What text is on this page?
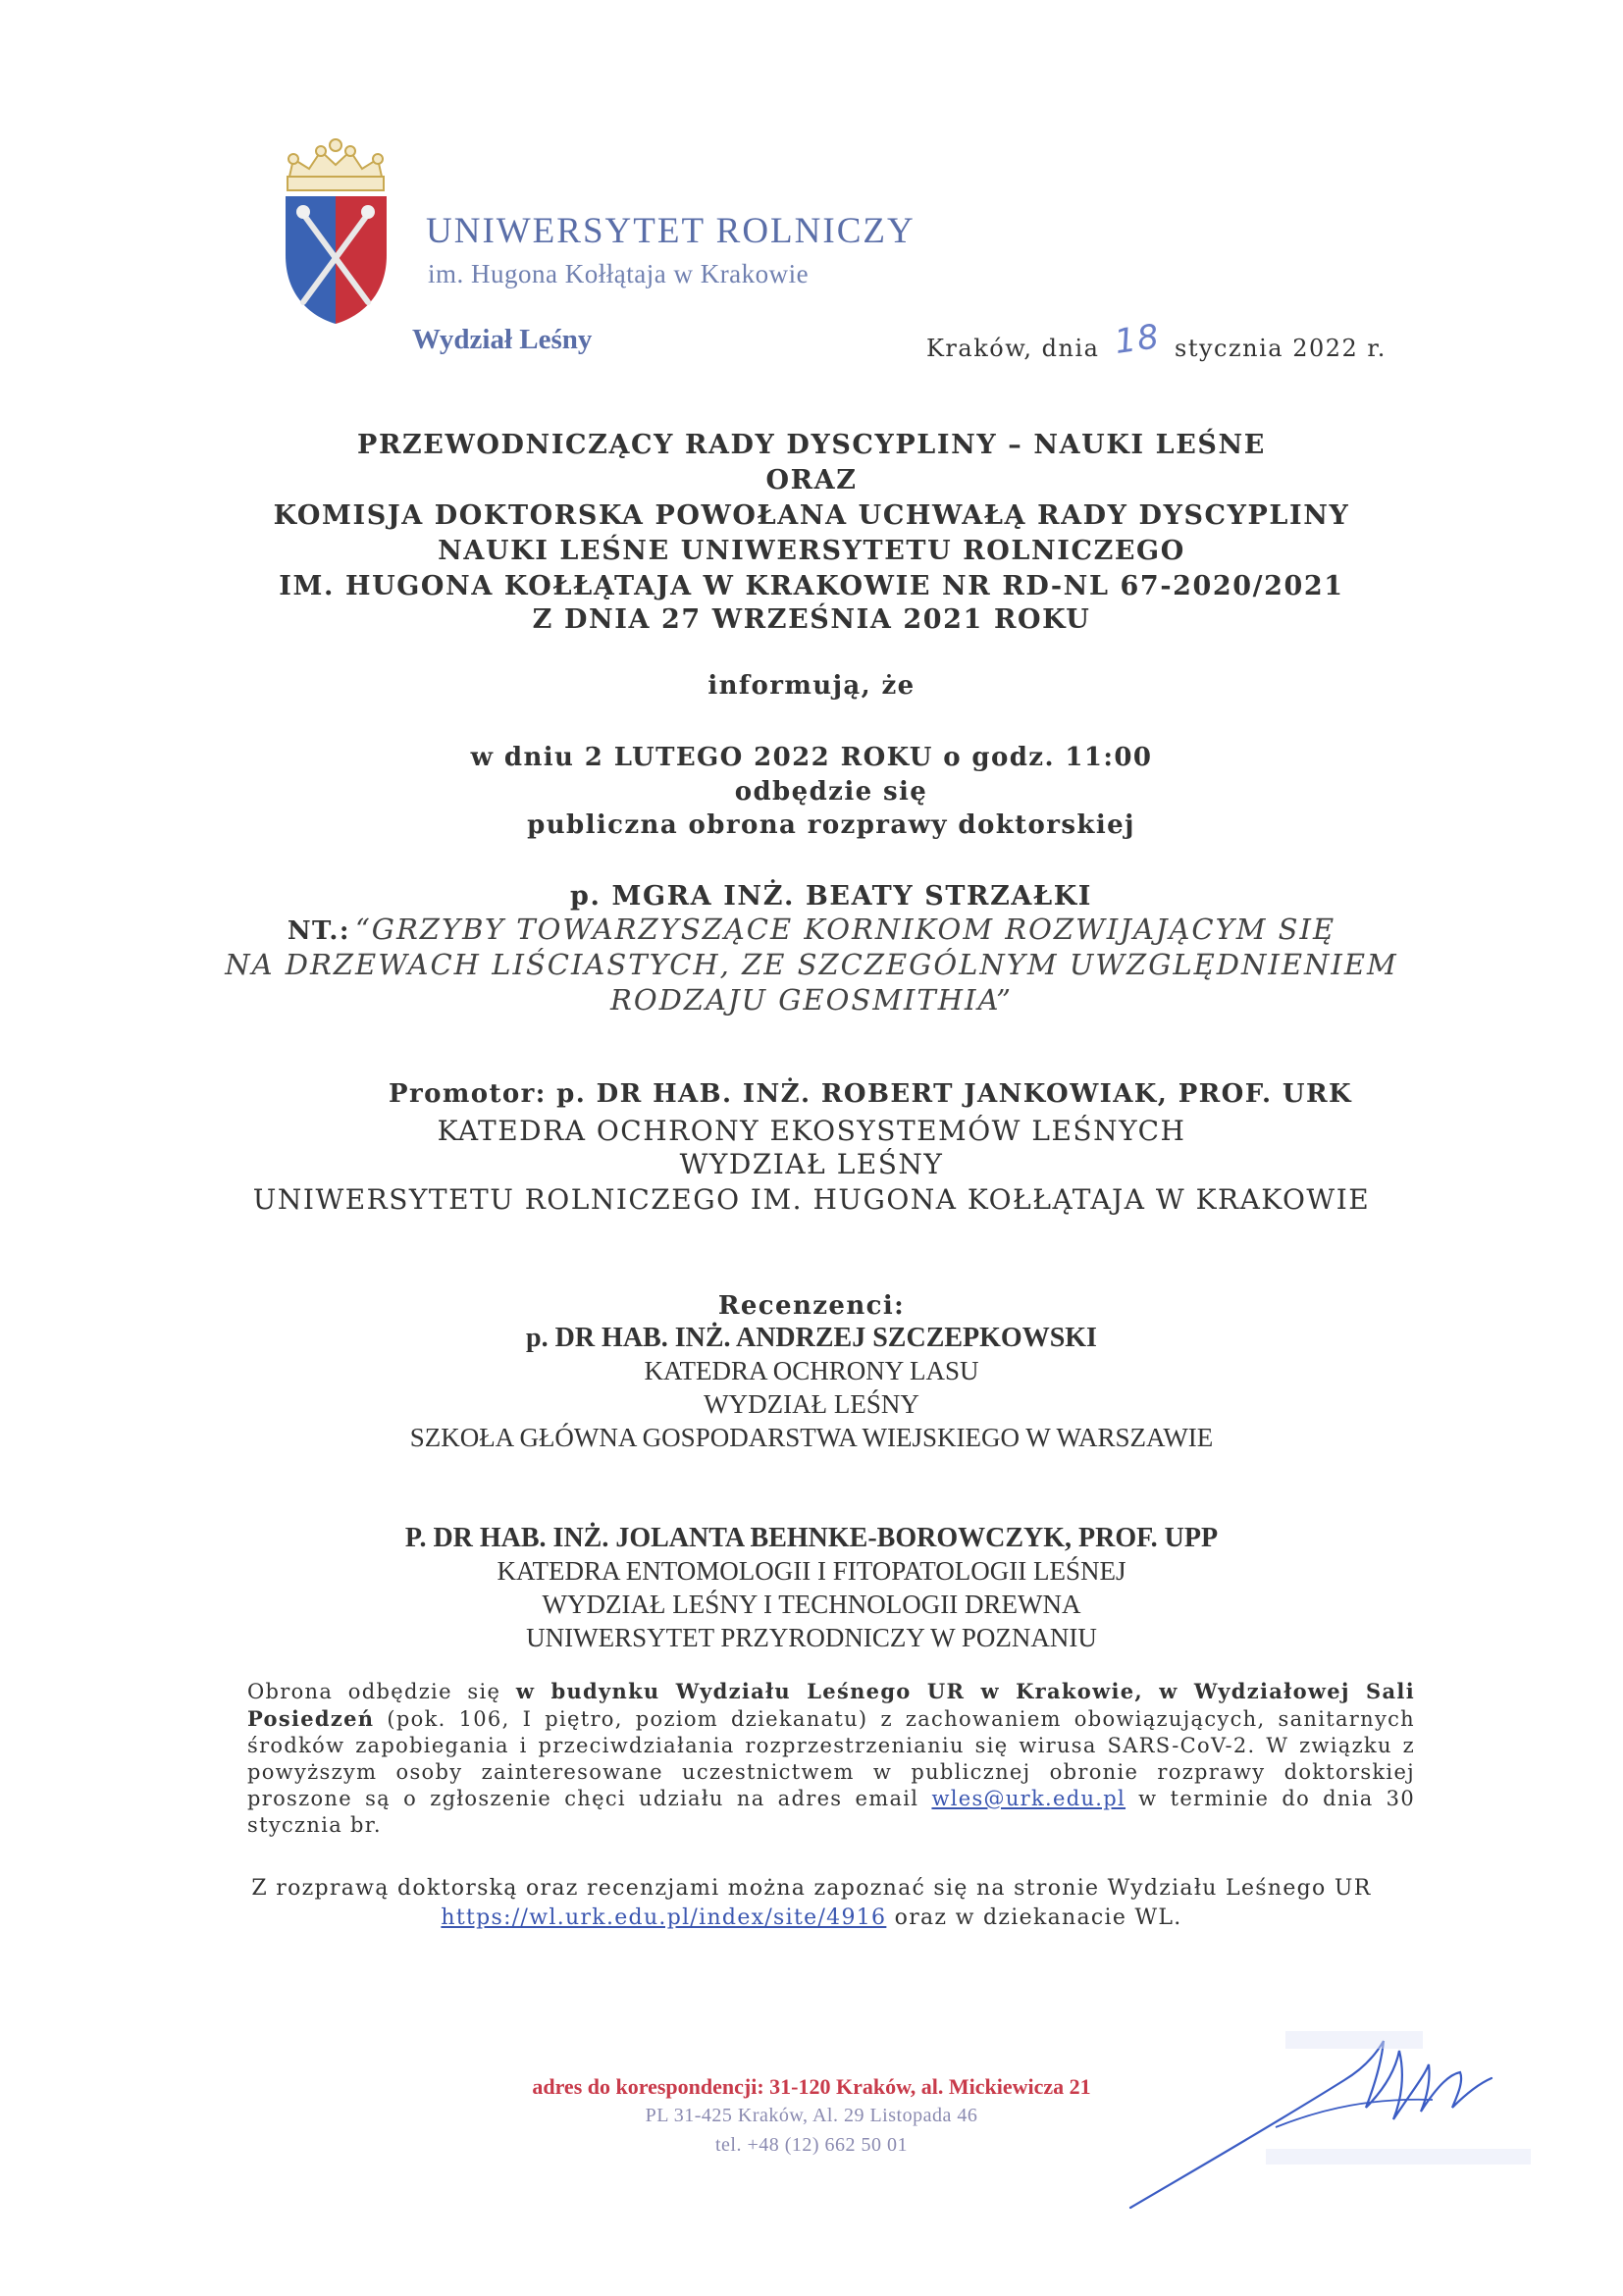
UNIWERSYTET ROLNICZY
im. Hugona Kołłątaja w Krakowie
Wydział Leśny	Kraków, dnia 18 stycznia 2022 r.
PRZEWODNICZĄCY RADY DYSCYPLINY – NAUKI LEŚNE
ORAZ
KOMISJA DOKTORSKA POWOŁANA UCHWAŁĄ RADY DYSCYPLINY
NAUKI LEŚNE UNIWERSYTETU ROLNICZEGO
IM. HUGONA KOŁŁĄTAJA W KRAKOWIE NR RD-NL 67-2020/2021
Z DNIA 27 WRZEŚNIA 2021 ROKU
informują, że
w dniu 2 LUTEGO 2022 ROKU o godz. 11:00
odbędzie się
publiczna obrona rozprawy doktorskiej
p. MGRA INŻ. BEATY STRZAŁKI
NT.: “GRZYBY TOWARZYSZĄCE KORNIKOM ROZWIJAJĄCYM SIĘ
NA DRZEWACH LIŚCIASTYCH, ZE SZCZEGÓLNYM UWZGLĘDNIENIEM
RODZAJU GEOSMITHIA”
Promotor: p. DR HAB. INŻ. ROBERT JANKOWIAK, PROF. URK
KATEDRA OCHRONY EKOSYSTEMÓW LEŚNYCH
WYDZIAŁ LEŚNY
UNIWERSYTETU ROLNICZEGO IM. HUGONA KOŁŁĄTAJA W KRAKOWIE
Recenzenci:
p. DR HAB. INŻ. ANDRZEJ SZCZEPKOWSKI
KATEDRA OCHRONY LASU
WYDZIAŁ LEŚNY
SZKOŁA GŁÓWNA GOSPODARSTWA WIEJSKIEGO W WARSZAWIE
P. DR HAB. INŻ. JOLANTA BEHNKE-BOROWCZYK, PROF. UPP
KATEDRA ENTOMOLOGII I FITOPATOLOGII LEŚNEJ
WYDZIAŁ LEŚNY I TECHNOLOGII DREWNA
UNIWERSYTET PRZYRODNICZY W POZNANIU
Obrona odbędzie się w budynku Wydziału Leśnego UR w Krakowie, w Wydziałowej Sali Posiedzeń (pok. 106, I piętro, poziom dziekanatu) z zachowaniem obowiązujących, sanitarnych środków zapobiegania i przeciwdziałania rozprzestrzenianiu się wirusa SARS-CoV-2. W związku z powyższym osoby zainteresowane uczestnictwem w publicznej obronie rozprawy doktorskiej proszone są o zgłoszenie chęci udziału na adres email wles@urk.edu.pl w terminie do dnia 30 stycznia br.
Z rozprawą doktorską oraz recenzjami można zapoznać się na stronie Wydziału Leśnego UR
https://wl.urk.edu.pl/index/site/4916 oraz w dziekanacie WL.
adres do korespondencji: 31-120 Kraków, al. Mickiewicza 21
PL 31-425 Kraków, Al. 29 Listopada 46
tel. +48 (12) 662 50 01
